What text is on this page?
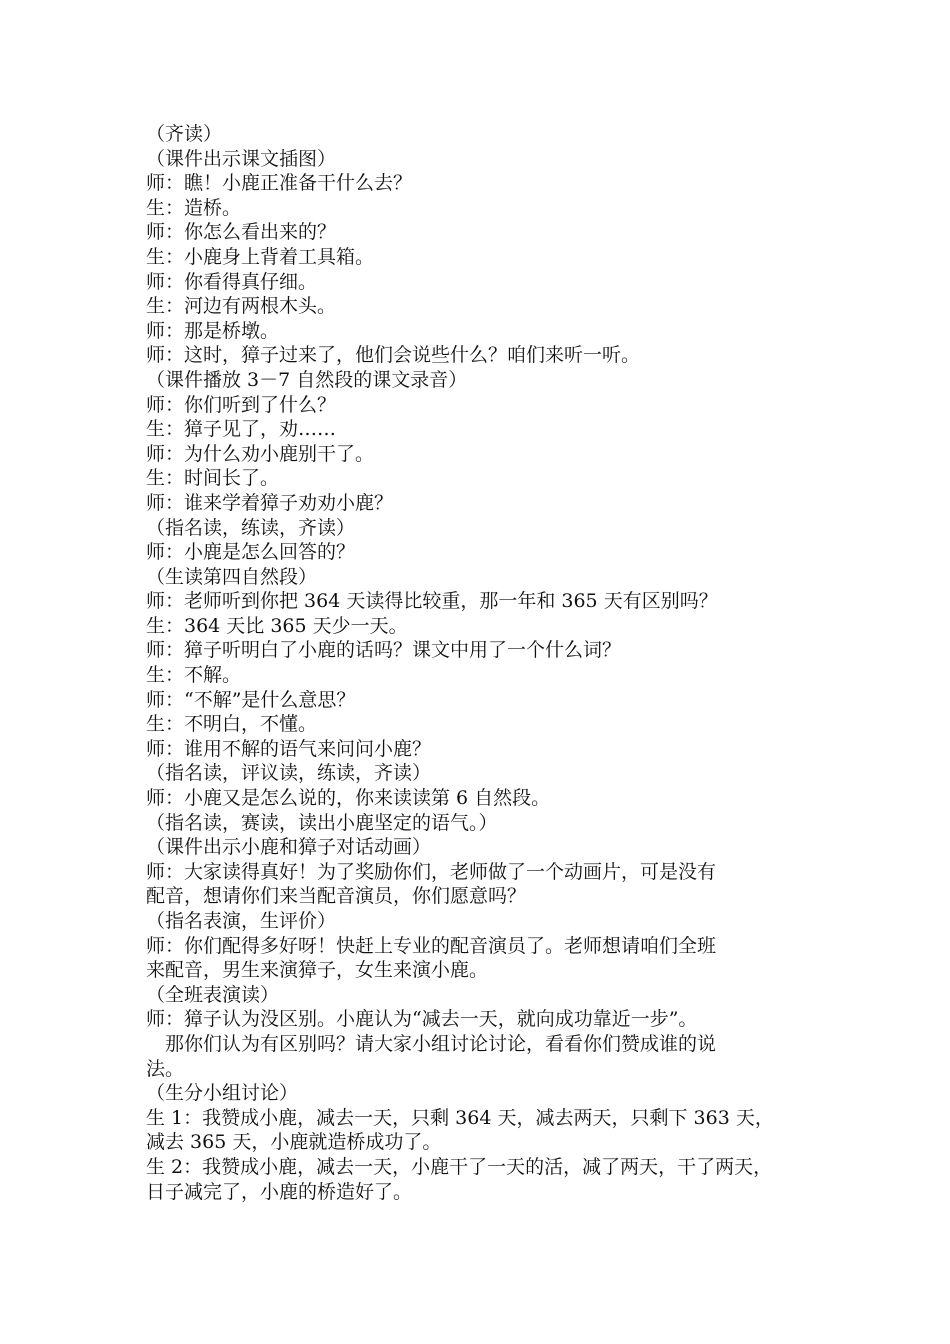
（齐读）

（课件出示课文插图）

师：瞧！小鹿正准备干什么去？

生：造桥。

师：你怎么看出来的？

生：小鹿身上背着工具箱。

师：你看得真仔细。

生：河边有两根木头。

师：那是桥墩。

师：这时，獐子过来了，他们会说些什么？咱们来听一听。

（课件播放 3－7 自然段的课文录音）

师：你们听到了什么？

生：獐子见了，劝……

师：为什么劝小鹿别干了。

生：时间长了。

师：谁来学着獐子劝劝小鹿？

（指名读，练读，齐读）

师：小鹿是怎么回答的？

（生读第四自然段）

师：老师听到你把 364 天读得比较重，那一年和 365 天有区别吗？

生：364 天比 365 天少一天。

师：獐子听明白了小鹿的话吗？课文中用了一个什么词？

生：不解。

师：“不解”是什么意思？

生：不明白，不懂。

师：谁用不解的语气来问问小鹿？

（指名读，评议读，练读，齐读）

师：小鹿又是怎么说的，你来读读第 6 自然段。

（指名读，赛读，读出小鹿坚定的语气。）

（课件出示小鹿和獐子对话动画）

师：大家读得真好！为了奖励你们，老师做了一个动画片，可是没有

配音，想请你们来当配音演员，你们愿意吗？

（指名表演，生评价）

师：你们配得多好呀！快赶上专业的配音演员了。老师想请咱们全班

来配音，男生来演獐子，女生来演小鹿。

（全班表演读）

师：獐子认为没区别。小鹿认为“减去一天，就向成功靠近一步”。

那你们认为有区别吗？请大家小组讨论讨论，看看你们赞成谁的说

法。

（生分小组讨论）

生 1：我赞成小鹿，减去一天，只剩 364 天，减去两天，只剩下 363 天，

减去 365 天，小鹿就造桥成功了。

生 2：我赞成小鹿，减去一天，小鹿干了一天的活，减了两天，干了两天，

日子减完了，小鹿的桥造好了。
